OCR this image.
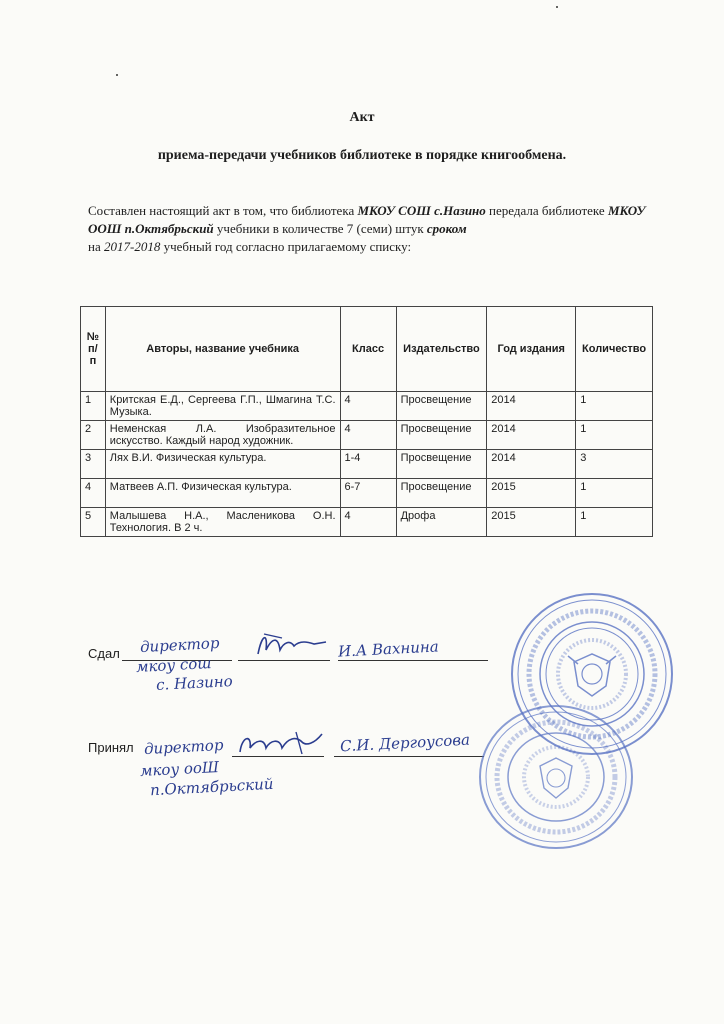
Акт
приема-передачи учебников библиотеке в порядке книгообмена.
Составлен настоящий акт в том, что библиотека МКОУ СОШ с.Назино передала библиотеке МКОУ ООШ п.Октябрьский учебники в количестве 7 (семи) штук сроком
на 2017-2018 учебный год согласно прилагаемому списку:
№ п/п	Авторы, название учебника	Класс	Издательство	Год издания	Количество
1	Критская Е.Д., Сергеева Г.П., Шмагина Т.С. Музыка.	4	Просвещение	2014	1
2	Неменская Л.А. Изобразительное искусство. Каждый народ художник.	4	Просвещение	2014	1
3	Лях В.И. Физическая культура.	1-4	Просвещение	2014	3
4	Матвеев А.П. Физическая культура.	6-7	Просвещение	2015	1
5	Малышева Н.А., Масленикова О.Н. Технология. В 2 ч.	4	Дрофа	2015	1
Сдал директор
мкоу сош
с. Назино
И.А Вахнина
Принял директор
мкоу ооШ
п.Октябрьский
С.И. Дергоусова
